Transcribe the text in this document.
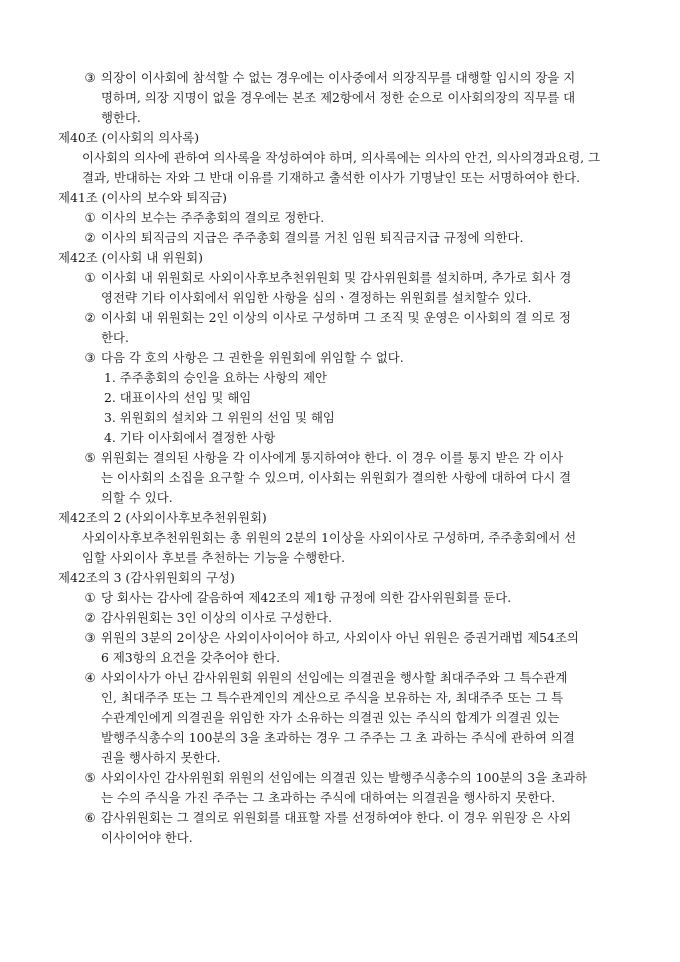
③ 의장이 이사회에 참석할 수 없는 경우에는 이사중에서 의장직무를 대행할 임시의 장을 지
명하며, 의장 지명이 없을 경우에는 본조 제2항에서 정한 순으로 이사회의장의 직무를 대
행한다.
제40조 (이사회의 의사록)
이사회의 의사에 관하여 의사록을 작성하여야 하며, 의사록에는 의사의 안건, 의사의경과요령, 그
결과, 반대하는 자와 그 반대 이유를 기재하고 출석한 이사가 기명날인 또는 서명하여야 한다.
제41조 (이사의 보수와 퇴직금)
① 이사의 보수는 주주총회의 결의로 정한다.
② 이사의 퇴직금의 지급은 주주총회 결의를 거친 임원 퇴직금지급 규정에 의한다.
제42조 (이사회 내 위원회)
① 이사회 내 위원회로 사외이사후보추천위원회 및 감사위원회를 설치하며, 추가로 회사 경
영전략 기타 이사회에서 위임한 사항을 심의ㆍ결정하는 위원회를 설치할수 있다.
② 이사회 내 위원회는 2인 이상의 이사로 구성하며 그 조직 및 운영은 이사회의 결 의로 정
한다.
③ 다음 각 호의 사항은 그 권한을 위원회에 위임할 수 없다.
1. 주주총회의 승인을 요하는 사항의 제안
2. 대표이사의 선임 및 해임
3. 위원회의 설치와 그 위원의 선임 및 해임
4. 기타 이사회에서 결정한 사항
⑤ 위원회는 결의된 사항을 각 이사에게 통지하여야 한다. 이 경우 이를 통지 받은 각 이사
는 이사회의 소집을 요구할 수 있으며, 이사회는 위원회가 결의한 사항에 대하여 다시 결
의할 수 있다.
제42조의 2 (사외이사후보추천위원회)
사외이사후보추천위원회는 총 위원의 2분의 1이상을 사외이사로 구성하며, 주주총회에서 선
임할 사외이사 후보를 추천하는 기능을 수행한다.
제42조의 3 (감사위원회의 구성)
① 당 회사는 감사에 갈음하여 제42조의 제1항 규정에 의한 감사위원회를 둔다.
② 감사위원회는 3인 이상의 이사로 구성한다.
③ 위원의 3분의 2이상은 사외이사이어야 하고, 사외이사 아닌 위원은 증권거래법 제54조의
6 제3항의 요건을 갖추어야 한다.
④ 사외이사가 아닌 감사위원회 위원의 선임에는 의결권을 행사할 최대주주와 그 특수관계
인, 최대주주 또는 그 특수관계인의 계산으로 주식을 보유하는 자, 최대주주 또는 그 특
수관계인에게 의결권을 위임한 자가 소유하는 의결권 있는 주식의 합계가 의결권 있는
발행주식총수의 100분의 3을 초과하는 경우 그 주주는 그 초 과하는 주식에 관하여 의결
권을 행사하지 못한다.
⑤ 사외이사인 감사위원회 위원의 선임에는 의결권 있는 발행주식총수의 100분의 3을 초과하
는 수의 주식을 가진 주주는 그 초과하는 주식에 대하여는 의결권을 행사하지 못한다.
⑥ 감사위원회는 그 결의로 위원회를 대표할 자를 선정하여야 한다. 이 경우 위원장 은 사외
이사이어야 한다.
